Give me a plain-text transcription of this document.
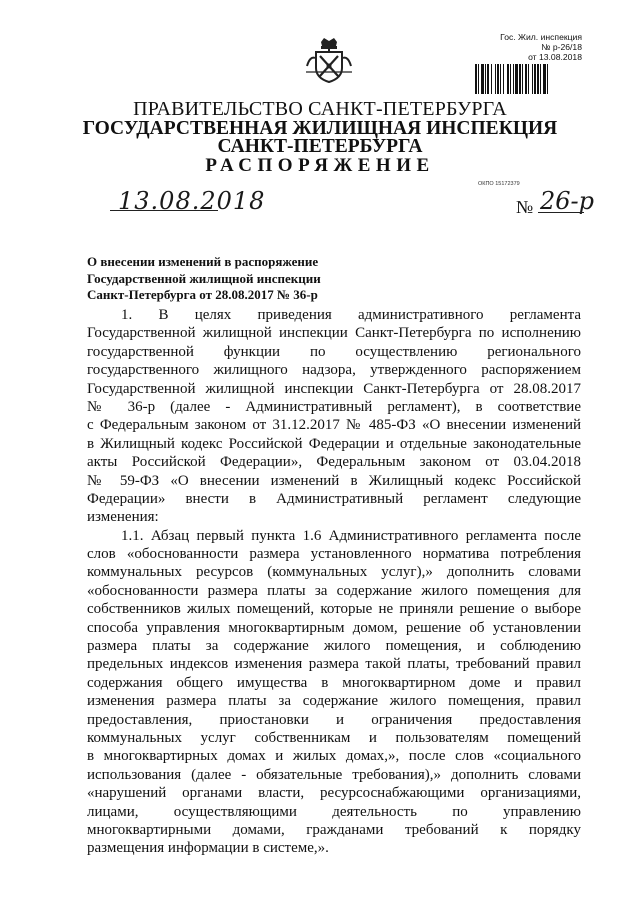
Гос. Жил. инспекция
№ р-26/18
от 13.08.2018
ПРАВИТЕЛЬСТВО САНКТ-ПЕТЕРБУРГА
ГОСУДАРСТВЕННАЯ ЖИЛИЩНАЯ ИНСПЕКЦИЯ
САНКТ-ПЕТЕРБУРГА
РАСПОРЯЖЕНИЕ
ОКПО 15172379
13.08.2018	№ 26-р
О внесении изменений в распоряжение
Государственной жилищной инспекции
Санкт-Петербурга от 28.08.2017 № 36-р
1. В целях приведения административного регламента
Государственной жилищной инспекции Санкт-Петербурга по исполнению
государственной функции по осуществлению регионального
государственного жилищного надзора, утвержденного распоряжением
Государственной жилищной инспекции Санкт-Петербурга от 28.08.2017
№ 36-р (далее - Административный регламент), в соответствие
с Федеральным законом от 31.12.2017 № 485-ФЗ «О внесении изменений
в Жилищный кодекс Российской Федерации и отдельные законодательные
акты Российской Федерации», Федеральным законом от 03.04.2018
№ 59-ФЗ «О внесении изменений в Жилищный кодекс Российской
Федерации» внести в Административный регламент следующие
изменения:
1.1. Абзац первый пункта 1.6 Административного регламента после
слов «обоснованности размера установленного норматива потребления
коммунальных ресурсов (коммунальных услуг),» дополнить словами
«обоснованности размера платы за содержание жилого помещения для
собственников жилых помещений, которые не приняли решение о выборе
способа управления многоквартирным домом, решение об установлении
размера платы за содержание жилого помещения, и соблюдению
предельных индексов изменения размера такой платы, требований правил
содержания общего имущества в многоквартирном доме и правил
изменения размера платы за содержание жилого помещения, правил
предоставления, приостановки и ограничения предоставления
коммунальных услуг собственникам и пользователям помещений
в многоквартирных домах и жилых домах,», после слов «социального
использования (далее - обязательные требования),» дополнить словами
«нарушений органами власти, ресурсоснабжающими организациями,
лицами, осуществляющими деятельность по управлению
многоквартирными домами, гражданами требований к порядку
размещения информации в системе,».
